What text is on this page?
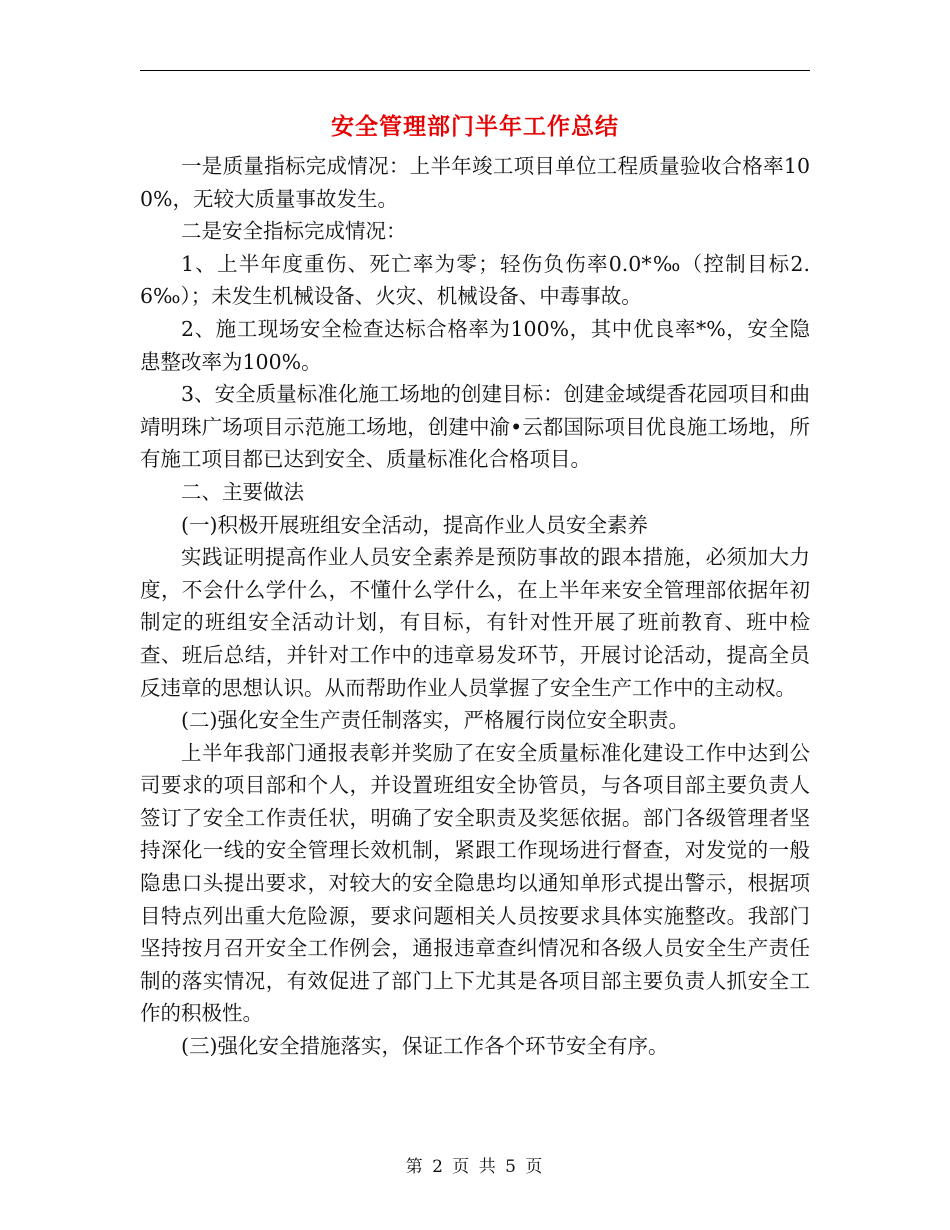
安全管理部门半年工作总结

一是质量指标完成情况：上半年竣工项目单位工程质量验收合格率100%，无较大质量事故发生。

二是安全指标完成情况：

1、上半年度重伤、死亡率为零；轻伤负伤率0.0*‰（控制目标2.6‰）；未发生机械设备、火灾、机械设备、中毒事故。

2、施工现场安全检查达标合格率为100%，其中优良率*%，安全隐患整改率为100%。

3、安全质量标准化施工场地的创建目标：创建金域缇香花园项目和曲靖明珠广场项目示范施工场地，创建中渝•云都国际项目优良施工场地，所有施工项目都已达到安全、质量标准化合格项目。

二、主要做法

(一)积极开展班组安全活动，提高作业人员安全素养

实践证明提高作业人员安全素养是预防事故的跟本措施，必须加大力度，不会什么学什么，不懂什么学什么，在上半年来安全管理部依据年初制定的班组安全活动计划，有目标，有针对性开展了班前教育、班中检查、班后总结，并针对工作中的违章易发环节，开展讨论活动，提高全员反违章的思想认识。从而帮助作业人员掌握了安全生产工作中的主动权。

(二)强化安全生产责任制落实，严格履行岗位安全职责。

上半年我部门通报表彰并奖励了在安全质量标准化建设工作中达到公司要求的项目部和个人，并设置班组安全协管员，与各项目部主要负责人签订了安全工作责任状，明确了安全职责及奖惩依据。部门各级管理者坚持深化一线的安全管理长效机制，紧跟工作现场进行督查，对发觉的一般隐患口头提出要求，对较大的安全隐患均以通知单形式提出警示，根据项目特点列出重大危险源，要求问题相关人员按要求具体实施整改。我部门坚持按月召开安全工作例会，通报违章查纠情况和各级人员安全生产责任制的落实情况，有效促进了部门上下尤其是各项目部主要负责人抓安全工作的积极性。

(三)强化安全措施落实，保证工作各个环节安全有序。

第 2 页 共 5 页
